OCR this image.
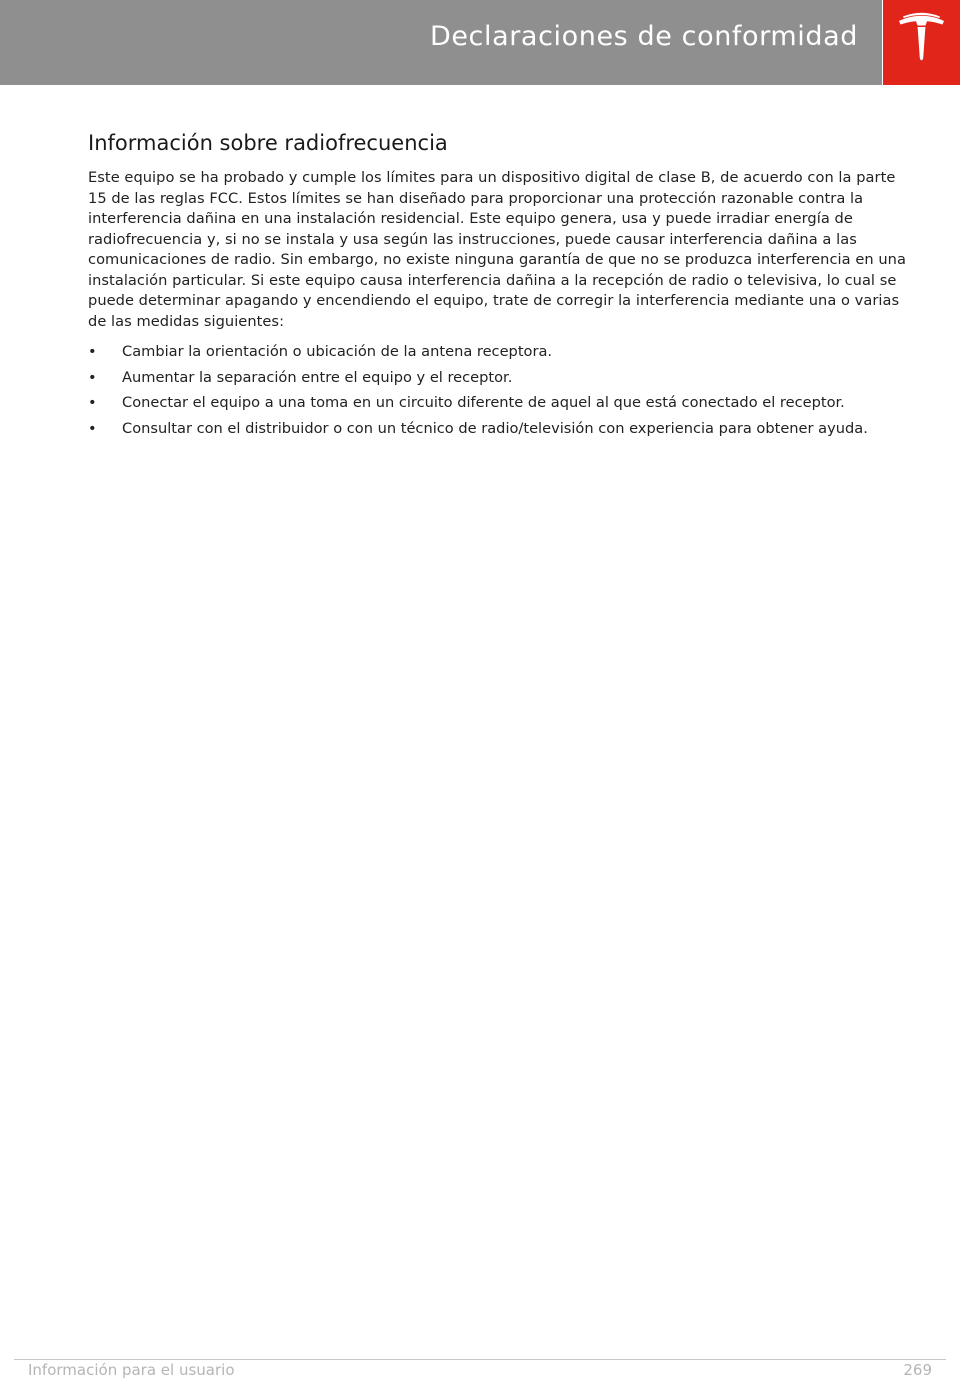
Declaraciones de conformidad
Información sobre radiofrecuencia

Este equipo se ha probado y cumple los límites para un dispositivo digital de clase B, de acuerdo con la parte 15 de las reglas FCC. Estos límites se han diseñado para proporcionar una protección razonable contra la interferencia dañina en una instalación residencial. Este equipo genera, usa y puede irradiar energía de radiofrecuencia y, si no se instala y usa según las instrucciones, puede causar interferencia dañina a las comunicaciones de radio. Sin embargo, no existe ninguna garantía de que no se produzca interferencia en una instalación particular. Si este equipo causa interferencia dañina a la recepción de radio o televisiva, lo cual se puede determinar apagando y encendiendo el equipo, trate de corregir la interferencia mediante una o varias de las medidas siguientes:

•	Cambiar la orientación o ubicación de la antena receptora.
•	Aumentar la separación entre el equipo y el receptor.
•	Conectar el equipo a una toma en un circuito diferente de aquel al que está conectado el receptor.
•	Consultar con el distribuidor o con un técnico de radio/televisión con experiencia para obtener ayuda.
Información para el usuario	269
